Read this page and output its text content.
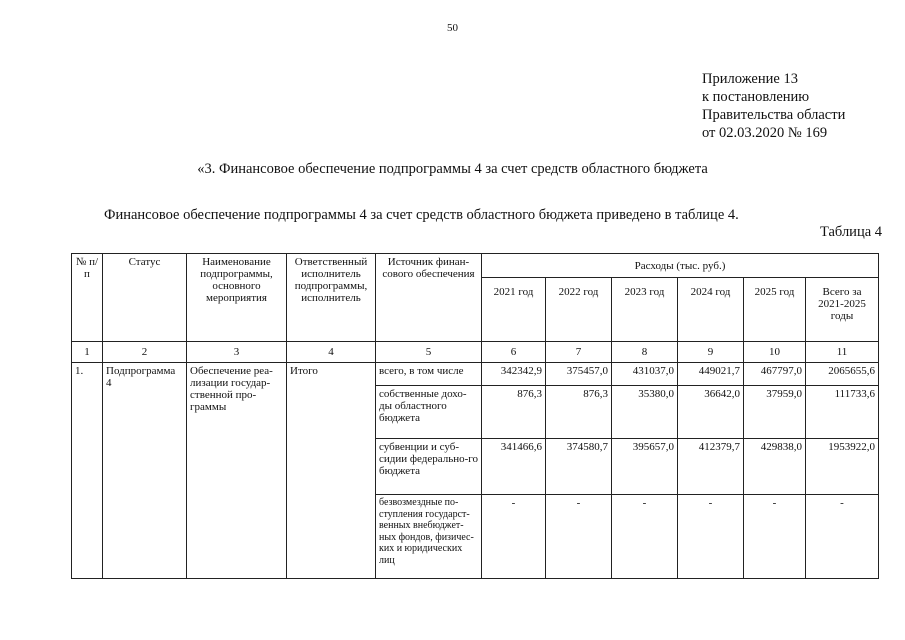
50
Приложение 13
к постановлению
Правительства области
от 02.03.2020 № 169
«3. Финансовое обеспечение подпрограммы 4 за счет средств областного бюджета
Финансовое обеспечение подпрограммы 4 за счет средств областного бюджета приведено в таблице 4.
Таблица 4
№ п/п	Статус	Наименование подпрограммы, основного мероприятия	Ответственный исполнитель подпрограммы, исполнитель	Источник финан-сового обеспечения	Расходы (тыс. руб.)					
					2021 год	2022 год	2023 год	2024 год	2025 год	Всего за 2021-2025 годы
1	2	3	4	5	6	7	8	9	10	11
1.	Подпрограмма 4	Обеспечение реа-лизации государ-ственной про-граммы	Итого	всего, в том числе	342342,9	375457,0	431037,0	449021,7	467797,0	2065655,6
				собственные дохо-ды областного бюджета	876,3	876,3	35380,0	36642,0	37959,0	111733,6
				субвенции и суб-сидии федерально-го бюджета	341466,6	374580,7	395657,0	412379,7	429838,0	1953922,0
				безвозмездные по-ступления государст-венных внебюджет-ных фондов, физичес-ких и юридических лиц	-	-	-	-	-	-
